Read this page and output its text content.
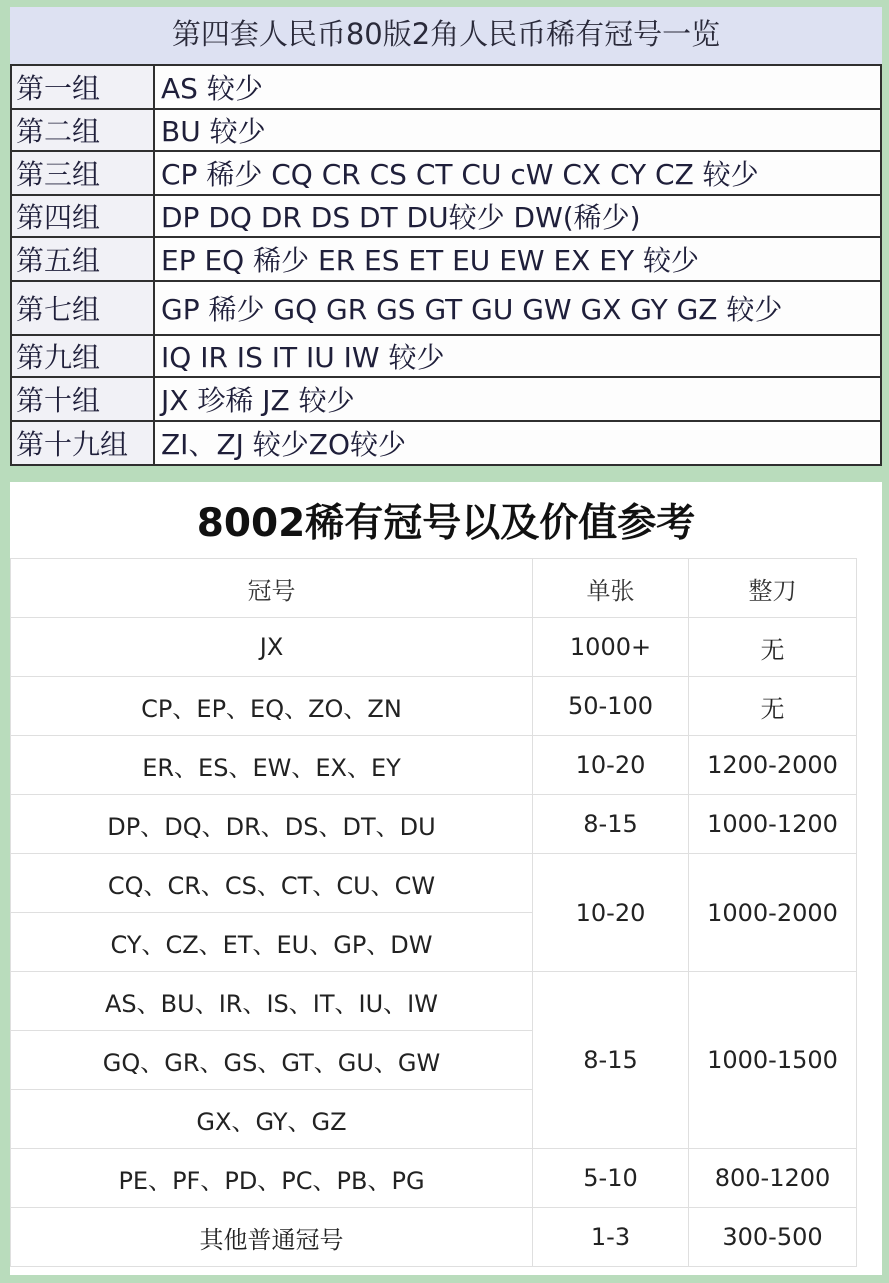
第四套人民币80版2角人民币稀有冠号一览
第一组	AS 较少
第二组	BU 较少
第三组	CP 稀少 CQ CR CS CT CU cW CX CY CZ 较少
第四组	DP DQ DR DS DT DU较少 DW(稀少)
第五组	EP EQ 稀少 ER ES ET EU EW EX EY 较少
第七组	GP 稀少 GQ GR GS GT GU GW GX GY GZ 较少
第九组	IQ IR IS IT IU IW 较少
第十组	JX 珍稀 JZ 较少
第十九组	ZI、ZJ 较少ZO较少
8002稀有冠号以及价值参考
冠号	单张	整刀
JX	1000+	无
CP、EP、EQ、ZO、ZN	50-100	无
ER、ES、EW、EX、EY	10-20	1200-2000
DP、DQ、DR、DS、DT、DU	8-15	1000-1200
CQ、CR、CS、CT、CU、CW	10-20	1000-2000
CY、CZ、ET、EU、GP、DW		
AS、BU、IR、IS、IT、IU、IW	8-15	1000-1500
GQ、GR、GS、GT、GU、GW		
GX、GY、GZ		
PE、PF、PD、PC、PB、PG	5-10	800-1200
其他普通冠号	1-3	300-500
